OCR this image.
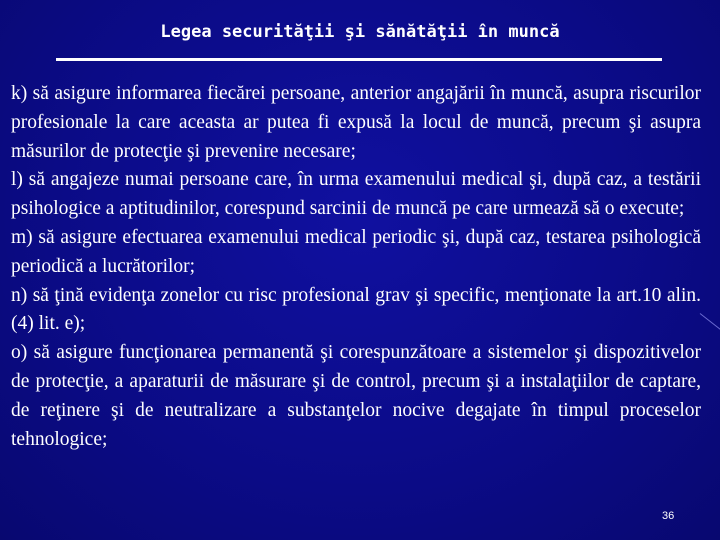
Legea securităţii şi sănătăţii în muncă

k) să asigure informarea fiecărei persoane, anterior angajării în muncă, asupra riscurilor profesionale la care aceasta ar putea fi expusă la locul de muncă, precum şi asupra măsurilor de protecţie şi prevenire necesare;

l) să angajeze numai persoane care, în urma examenului medical şi, după caz, a testării psihologice a aptitudinilor, corespund sarcinii de muncă pe care urmează să o execute;

m) să asigure efectuarea examenului medical periodic şi, după caz, testarea psihologică periodică a lucrătorilor;

n) să ţină evidenţa zonelor cu risc profesional grav şi specific, menţionate la art.10 alin. (4) lit. e);

o) să asigure funcţionarea permanentă şi corespunzătoare a sistemelor şi dispozitivelor de protecţie, a aparaturii de măsurare şi de control, precum şi a instalaţiilor de captare, de reţinere şi de neutralizare a substanţelor nocive degajate în timpul proceselor tehnologice;

36
